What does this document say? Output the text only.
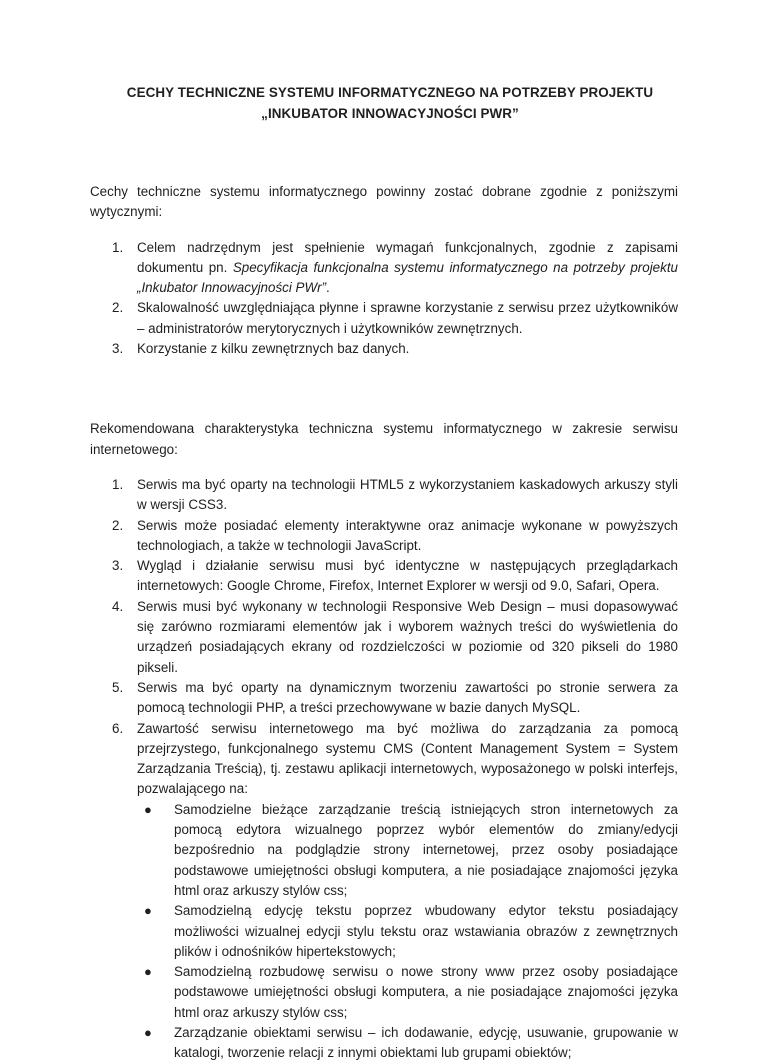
CECHY TECHNICZNE SYSTEMU INFORMATYCZNEGO NA POTRZEBY PROJEKTU „INKUBATOR INNOWACYJNOŚCI PWR”

Cechy techniczne systemu informatycznego powinny zostać dobrane zgodnie z poniższymi wytycznymi:

1. Celem nadrzędnym jest spełnienie wymagań funkcjonalnych, zgodnie z zapisami dokumentu pn. Specyfikacja funkcjonalna systemu informatycznego na potrzeby projektu „Inkubator Innowacyjności PWr”.
2. Skalowalność uwzględniająca płynne i sprawne korzystanie z serwisu przez użytkowników – administratorów merytorycznych i użytkowników zewnętrznych.
3. Korzystanie z kilku zewnętrznych baz danych.

Rekomendowana charakterystyka techniczna systemu informatycznego w zakresie serwisu internetowego:

1. Serwis ma być oparty na technologii HTML5 z wykorzystaniem kaskadowych arkuszy styli w wersji CSS3.
2. Serwis może posiadać elementy interaktywne oraz animacje wykonane w powyższych technologiach, a także w technologii JavaScript.
3. Wygląd i działanie serwisu musi być identyczne w następujących przeglądarkach internetowych: Google Chrome, Firefox, Internet Explorer w wersji od 9.0, Safari, Opera.
4. Serwis musi być wykonany w technologii Responsive Web Design – musi dopasowywać się zarówno rozmiarami elementów jak i wyborem ważnych treści do wyświetlenia do urządzeń posiadających ekrany od rozdzielczości w poziomie od 320 pikseli do 1980 pikseli.
5. Serwis ma być oparty na dynamicznym tworzeniu zawartości po stronie serwera za pomocą technologii PHP, a treści przechowywane w bazie danych MySQL.
6. Zawartość serwisu internetowego ma być możliwa do zarządzania za pomocą przejrzystego, funkcjonalnego systemu CMS (Content Management System = System Zarządzania Treścią), tj. zestawu aplikacji internetowych, wyposażonego w polski interfejs, pozwalającego na:
● Samodzielne bieżące zarządzanie treścią istniejących stron internetowych za pomocą edytora wizualnego poprzez wybór elementów do zmiany/edycji bezpośrednio na podglądzie strony internetowej, przez osoby posiadające podstawowe umiejętności obsługi komputera, a nie posiadające znajomości języka html oraz arkuszy stylów css;
● Samodzielną edycję tekstu poprzez wbudowany edytor tekstu posiadający możliwości wizualnej edycji stylu tekstu oraz wstawiania obrazów z zewnętrznych plików i odnośników hipertekstowych;
● Samodzielną rozbudowę serwisu o nowe strony www przez osoby posiadające podstawowe umiejętności obsługi komputera, a nie posiadające znajomości języka html oraz arkuszy stylów css;
● Zarządzanie obiektami serwisu – ich dodawanie, edycję, usuwanie, grupowanie w katalogi, tworzenie relacji z innymi obiektami lub grupami obiektów;
